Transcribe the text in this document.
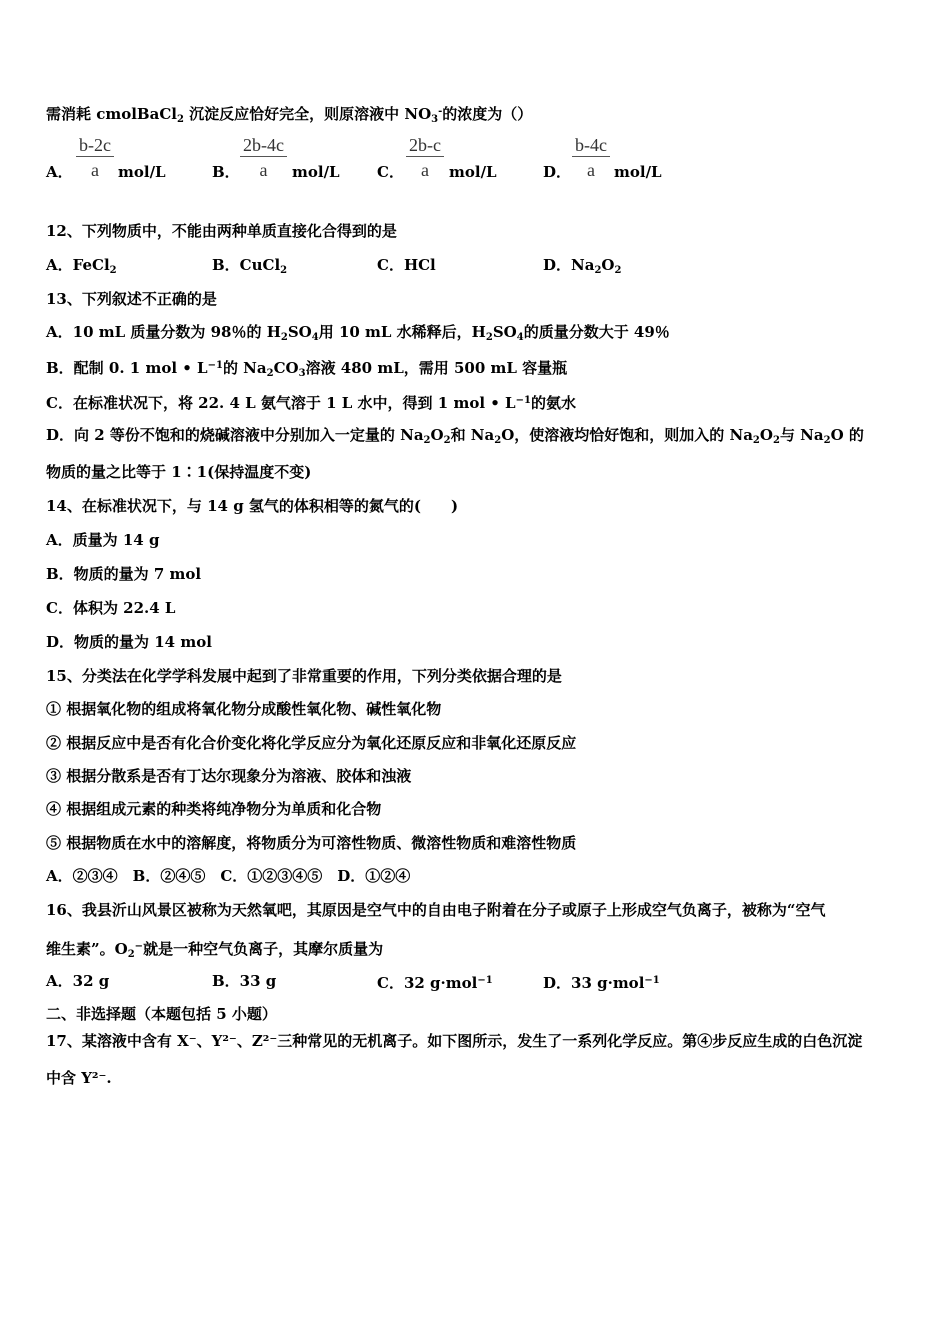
需消耗 cmolBaCl$_2$ 沉淀反应恰好完全，则原溶液中 $NO_3^-$的浓度为（）
A． $\frac{b-2c}{a} mol/L$	B． $\frac{2b-4c}{a} mol/L$ C． $\frac{2b-c}{a} mol/L$	D． $\frac{b-4c}{a} mol/L$
12、下列物质中，不能由两种单质直接化合得到的是
A．FeCl$_2$	B．CuCl$_2$	C．HCl	D．$Na_2O_2$
13、下列叙述不正确的是
A．10 mL 质量分数为 98％的 $H_2SO_4$用 10 mL 水稀释后，$H_2SO_4$的质量分数大于 49％
B．配制 0. 1 mol • $L^{-1}$的 $Na_2CO_3$溶液 480 mL，需用 500 mL 容量瓶
C．在标准状况下，将 22. 4 L 氨气溶于 1 L 水中，得到 1 mol • $L^{-1}$的氨水
D．向 2 等份不饱和的烧碱溶液中分别加入一定量的 $Na_2O_2$和 $Na_2O$，使溶液均恰好饱和，则加入的 $Na_2O_2$与 $Na_2O$ 的
物质的量之比等于 1∶1(保持温度不变)
14、在标准状况下，与 14 g 氢气的体积相等的氮气的(　　)
A．质量为 14 g
B．物质的量为 7 mol
C．体积为 22.4 L
D．物质的量为 14 mol
15、分类法在化学学科发展中起到了非常重要的作用，下列分类依据合理的是
① 根据氧化物的组成将氧化物分成酸性氧化物、碱性氧化物
② 根据反应中是否有化合价变化将化学反应分为氧化还原反应和非氧化还原反应
③ 根据分散系是否有丁达尔现象分为溶液、胶体和浊液
④ 根据组成元素的种类将纯净物分为单质和化合物
⑤ 根据物质在水中的溶解度，将物质分为可溶性物质、微溶性物质和难溶性物质
A．②③④　B．②④⑤　C．①②③④⑤　D．①②④
16、我县沂山风景区被称为天然氧吧，其原因是空气中的自由电子附着在分子或原子上形成空气负离子，被称为“空气
维生素”。$O_2^-$就是一种空气负离子，其摩尔质量为
A．32 g	B．33 g	C．32 g·mol$^{-1}$	D．33 g·mol$^{-1}$
二、非选择题（本题包括 5 小题）
17、某溶液中含有 X⁻、Y²⁻、Z²⁻三种常见的无机离子。如下图所示，发生了一系列化学反应。第④步反应生成的白色沉淀
中含 Y²⁻.
